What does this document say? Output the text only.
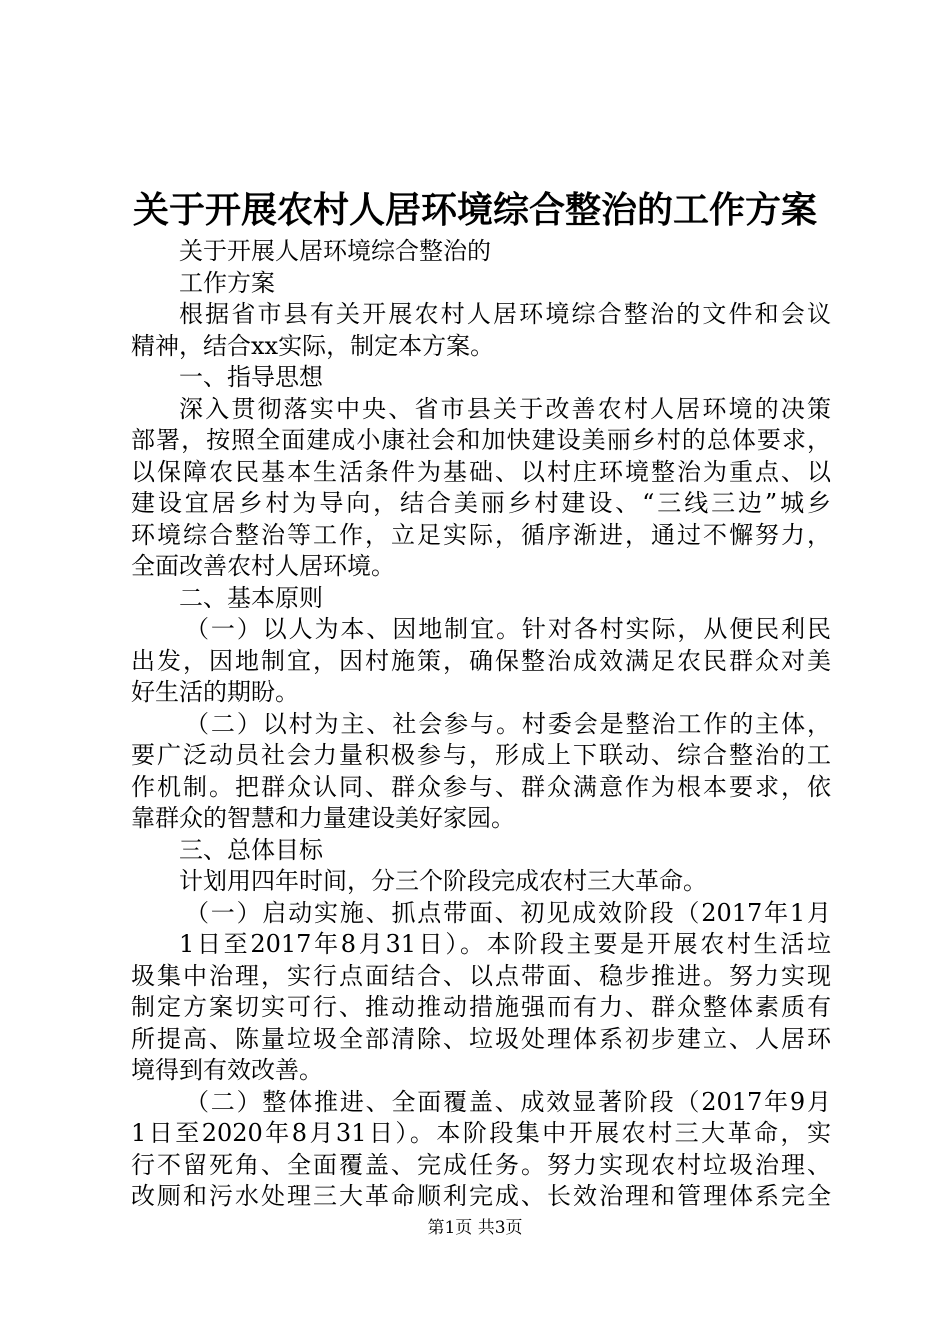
关于开展农村人居环境综合整治的工作方案
关于开展人居环境综合整治的
工作方案
根据省市县有关开展农村人居环境综合整治的文件和会议
精神，结合xx实际，制定本方案。
一、指导思想
深入贯彻落实中央、省市县关于改善农村人居环境的决策
部署，按照全面建成小康社会和加快建设美丽乡村的总体要求，
以保障农民基本生活条件为基础、以村庄环境整治为重点、以
建设宜居乡村为导向，结合美丽乡村建设、“三线三边”城乡
环境综合整治等工作，立足实际，循序渐进，通过不懈努力，
全面改善农村人居环境。
二、基本原则
（一）以人为本、因地制宜。针对各村实际，从便民利民
出发，因地制宜，因村施策，确保整治成效满足农民群众对美
好生活的期盼。
（二）以村为主、社会参与。村委会是整治工作的主体，
要广泛动员社会力量积极参与，形成上下联动、综合整治的工
作机制。把群众认同、群众参与、群众满意作为根本要求，依
靠群众的智慧和力量建设美好家园。
三、总体目标
计划用四年时间，分三个阶段完成农村三大革命。
（一）启动实施、抓点带面、初见成效阶段（2017年1月
1日至2017年8月31日）。本阶段主要是开展农村生活垃
圾集中治理，实行点面结合、以点带面、稳步推进。努力实现
制定方案切实可行、推动推动措施强而有力、群众整体素质有
所提高、陈量垃圾全部清除、垃圾处理体系初步建立、人居环
境得到有效改善。
（二）整体推进、全面覆盖、成效显著阶段（2017年9月
1日至2020年8月31日）。本阶段集中开展农村三大革命，实
行不留死角、全面覆盖、完成任务。努力实现农村垃圾治理、
改厕和污水处理三大革命顺利完成、长效治理和管理体系完全
第1页 共3页
